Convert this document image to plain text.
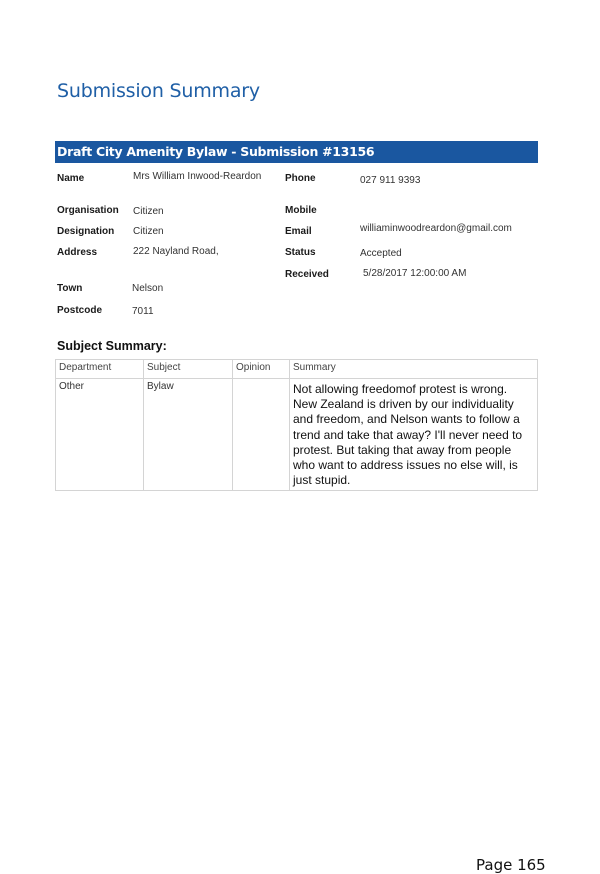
Submission Summary
Draft City Amenity Bylaw - Submission #13156
Name	Mrs William Inwood-Reardon
Organisation Citizen
Designation Citizen
Address	222 Nayland Road,
Town	Nelson
Postcode	7011
Phone	027 911 9393
Mobile
Email	williaminwoodreardon@gmail.com
Status	Accepted
Received	5/28/2017 12:00:00 AM
Subject Summary:
Department	Subject	Opinion	Summary
Other	Bylaw		Not allowing freedomof protest is wrong. New Zealand is driven by our individuality and freedom, and Nelson wants to follow a trend and take that away? I'll never need to protest. But taking that away from people who want to address issues no else will, is just stupid.
Page 165
